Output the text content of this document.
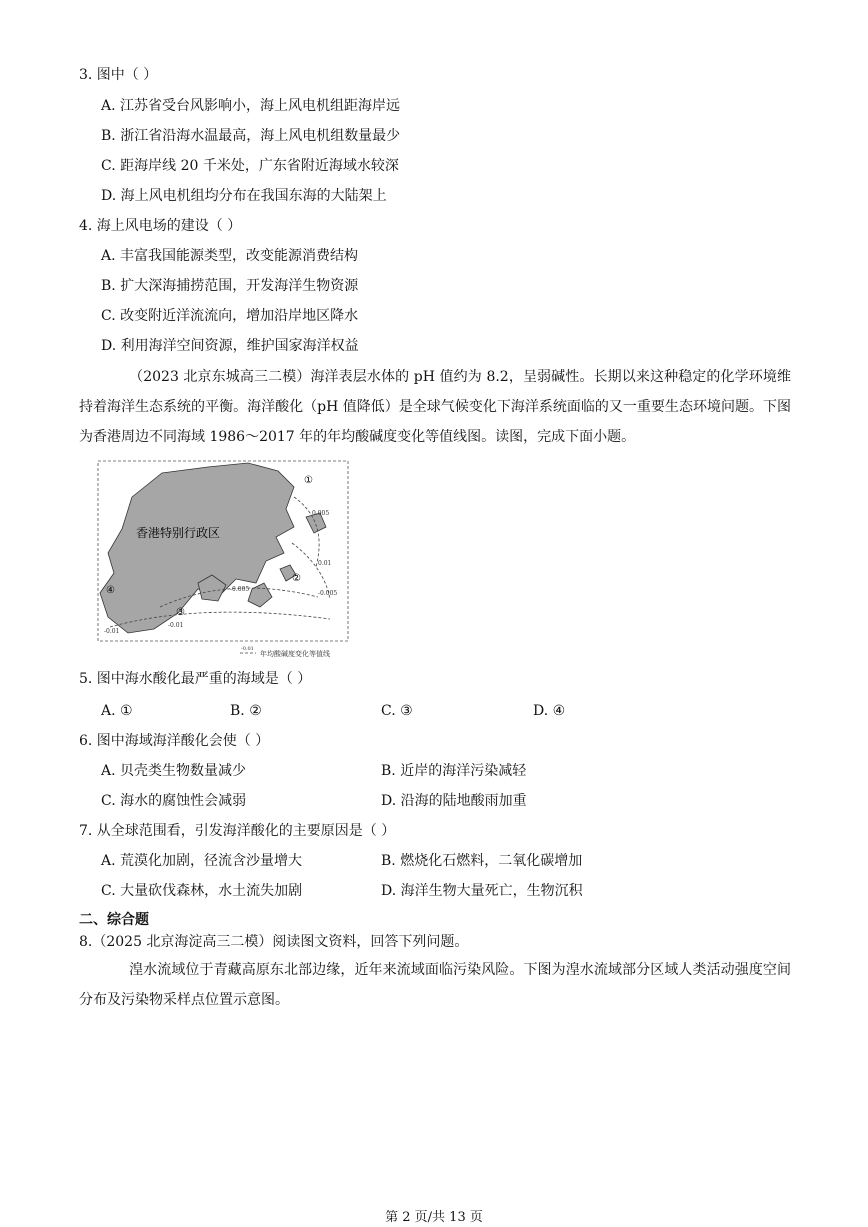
3. 图中（ ）
A. 江苏省受台风影响小，海上风电机组距海岸远
B. 浙江省沿海水温最高，海上风电机组数量最少
C. 距海岸线 20 千米处，广东省附近海域水较深
D. 海上风电机组均分布在我国东海的大陆架上
4. 海上风电场的建设（ ）
A. 丰富我国能源类型，改变能源消费结构
B. 扩大深海捕捞范围，开发海洋生物资源
C. 改变附近洋流流向，增加沿岸地区降水
D. 利用海洋空间资源，维护国家海洋权益
（2023 北京东城高三二模）海洋表层水体的 pH 值约为 8.2，呈弱碱性。长期以来这种稳定的化学环境维持着海洋生态系统的平衡。海洋酸化（pH 值降低）是全球气候变化下海洋系统面临的又一重要生态环境问题。下图为香港周边不同海域 1986～2017 年的年均酸碱度变化等值线图。读图，完成下面小题。
香港特别行政区
①
②
③
④
-0.01
-0.005
-0.005
0.01
0.005
-0.01
-0.01
年均酸碱度变化等值线
5. 图中海水酸化最严重的海域是（ ）
A. ①	B. ②	C. ③	D. ④
6. 图中海域海洋酸化会使（ ）
A. 贝壳类生物数量减少	B. 近岸的海洋污染减轻
C. 海水的腐蚀性会减弱	D. 沿海的陆地酸雨加重
7. 从全球范围看，引发海洋酸化的主要原因是（ ）
A. 荒漠化加剧，径流含沙量增大	B. 燃烧化石燃料，二氧化碳增加
C. 大量砍伐森林，水土流失加剧	D. 海洋生物大量死亡，生物沉积
二、综合题
8.（2025 北京海淀高三二模）阅读图文资料，回答下列问题。
湟水流域位于青藏高原东北部边缘，近年来流域面临污染风险。下图为湟水流域部分区域人类活动强度空间分布及污染物采样点位置示意图。
第 2 页/共 13 页
